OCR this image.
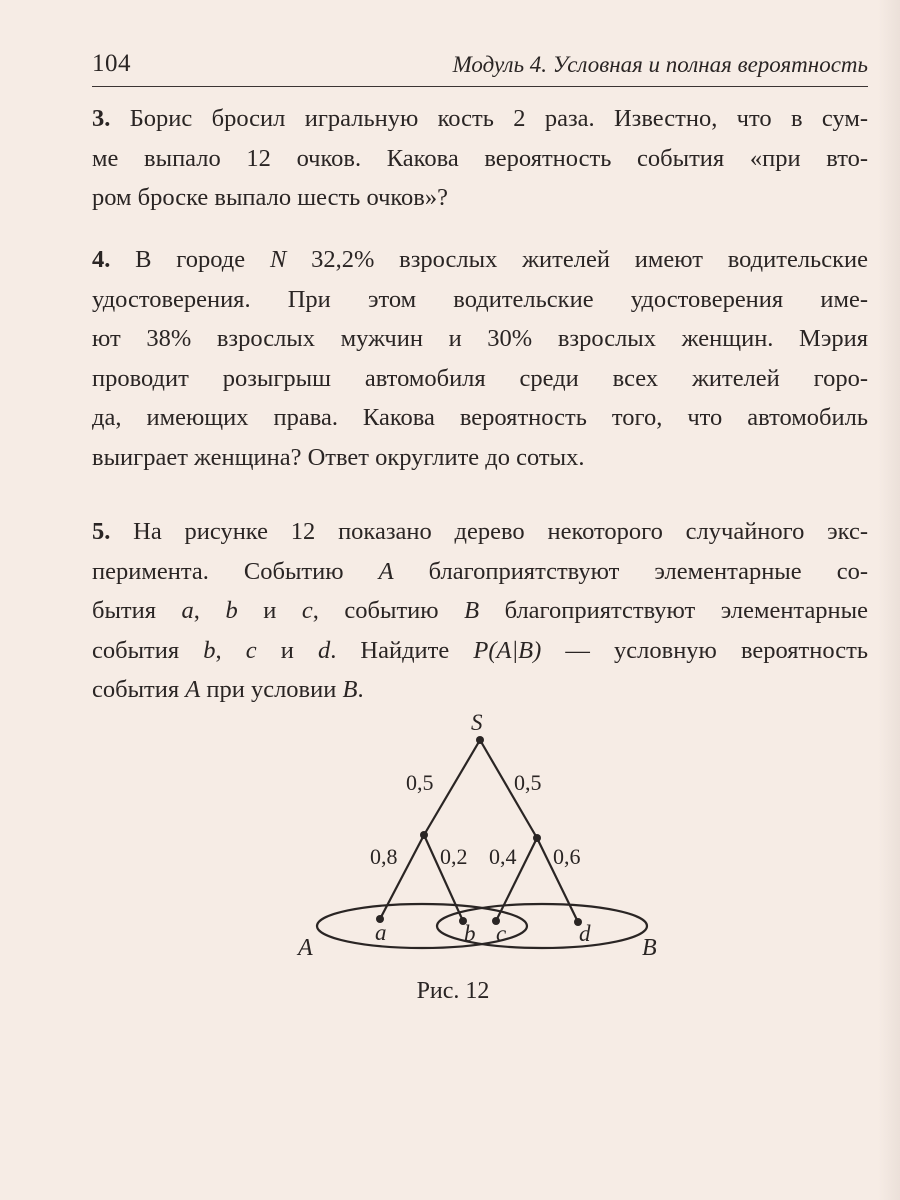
104	Модуль 4. Условная и полная вероятность
3. Борис бросил игральную кость 2 раза. Известно, что в сум-
ме выпало 12 очков. Какова вероятность события «при вто-
ром броске выпало шесть очков»?
4. В городе N 32,2% взрослых жителей имеют водительские
удостоверения. При этом водительские удостоверения име-
ют 38% взрослых мужчин и 30% взрослых женщин. Мэрия
проводит розыгрыш автомобиля среди всех жителей горо-
да, имеющих права. Какова вероятность того, что автомобиль
выиграет женщина? Ответ округлите до сотых.
5. На рисунке 12 показано дерево некоторого случайного экс-
перимента. Событию A благоприятствуют элементарные со-
бытия a, b и c, событию B благоприятствуют элементарные
события b, c и d. Найдите P(A|B) — условную вероятность
события A при условии B.
S
0,5	0,5
0,8 0,2 0,4 0,6
a	b c	d
A	B
Рис. 12
